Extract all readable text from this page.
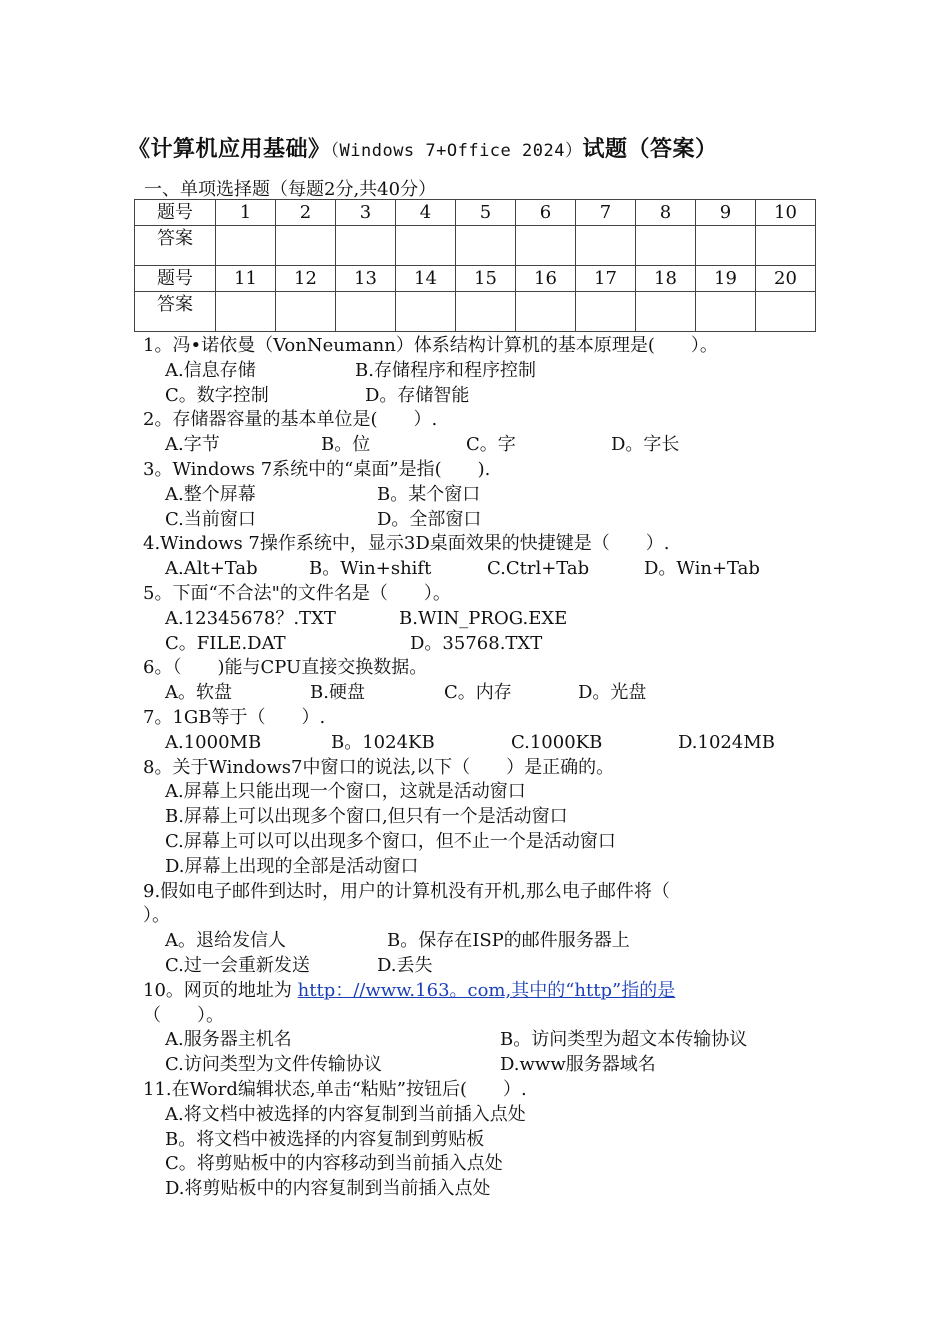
《计算机应用基础》（Windows 7+Office 2024）试题（答案）
一、单项选择题（每题2分,共40分）
题号	1	2	3	4	5	6	7	8	9	10
答案										
题号	11	12	13	14	15	16	17	18	19	20
答案										
1。冯•诺依曼（VonNeumann）体系结构计算机的基本原理是(　　）。
A.信息存储	B.存储程序和程序控制
C。数字控制	D。存储智能
2。存储器容量的基本单位是(　　）.
A.字节	B。位	C。字	D。字长
3。Windows 7系统中的“桌面”是指(　　).
A.整个屏幕	B。某个窗口
C.当前窗口	D。全部窗口
4.Windows 7操作系统中，显示3D桌面效果的快捷键是（　　）.
A.Alt+Tab	B。Win+shift	C.Ctrl+Tab	D。Win+Tab
5。下面“不合法"的文件名是（　　）。
A.12345678？.TXT	B.WIN_PROG.EXE
C。FILE.DAT	D。35768.TXT
6。（　　)能与CPU直接交换数据。
A。软盘	B.硬盘	C。内存	D。光盘
7。1GB等于（　　）.
A.1000MB	B。1024KB	C.1000KB	D.1024MB
8。关于Windows7中窗口的说法,以下（　　）是正确的。
A.屏幕上只能出现一个窗口，这就是活动窗口
B.屏幕上可以出现多个窗口,但只有一个是活动窗口
C.屏幕上可以可以出现多个窗口，但不止一个是活动窗口
D.屏幕上出现的全部是活动窗口
9.假如电子邮件到达时，用户的计算机没有开机,那么电子邮件将（
）。
A。退给发信人	B。保存在ISP的邮件服务器上
C.过一会重新发送	D.丢失
10。网页的地址为 http：//www.163。com,其中的“http”指的是
（　　）。
A.服务器主机名	B。访问类型为超文本传输协议
C.访问类型为文件传输协议	D.www服务器域名
11.在Word编辑状态,单击“粘贴”按钮后(　　）.
A.将文档中被选择的内容复制到当前插入点处
B。将文档中被选择的内容复制到剪贴板
C。将剪贴板中的内容移动到当前插入点处
D.将剪贴板中的内容复制到当前插入点处
